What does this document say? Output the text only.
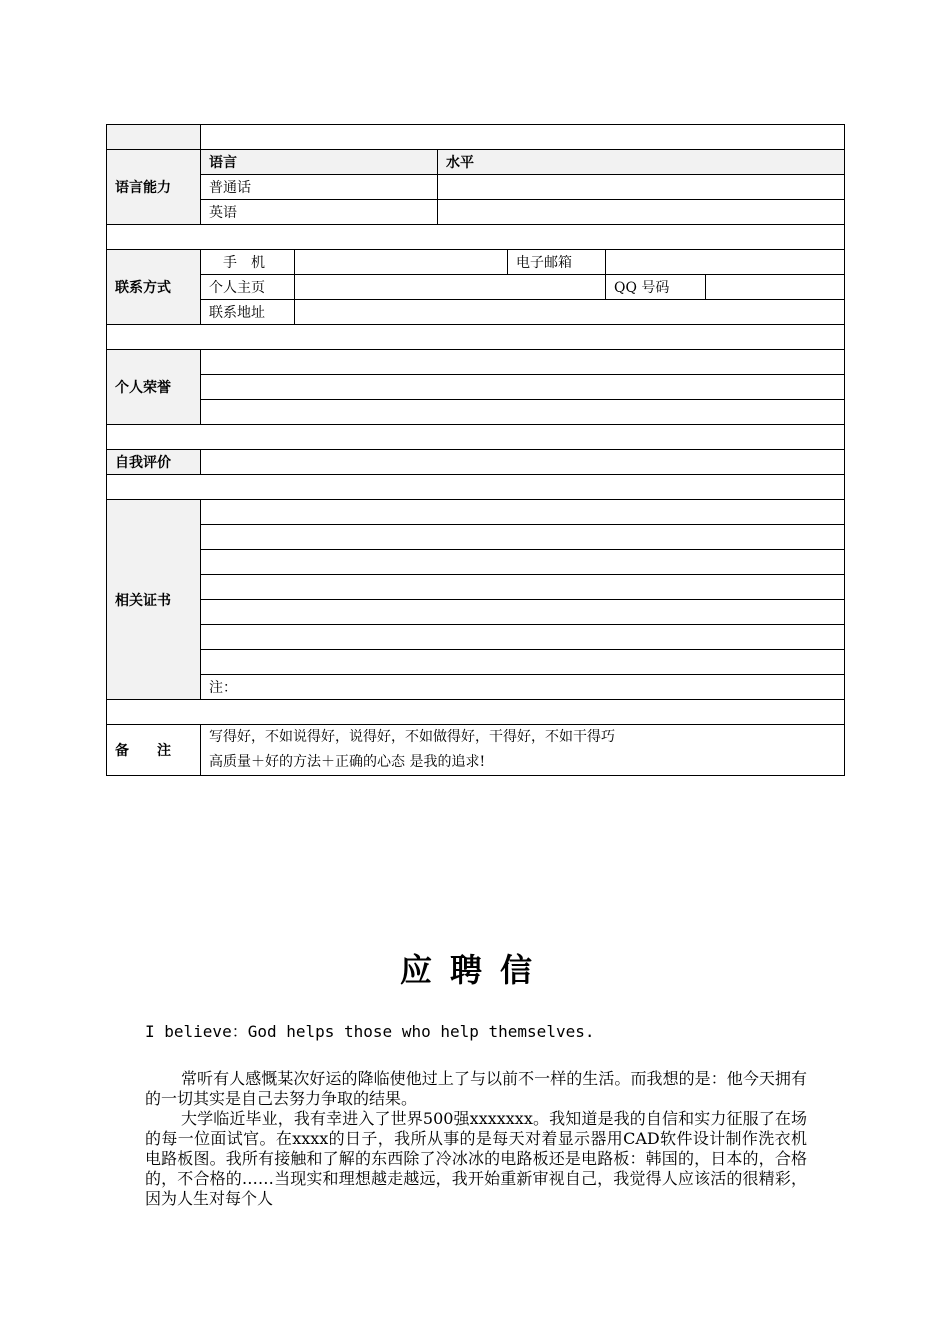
语言能力	语言		水平			
	普通话					
	英语					

联系方式	手　机			电子邮箱		
	个人主页				QQ 号码	
	联系地址					

个人荣誉						

自我评价						

相关证书						

	注：					

备　　注	写得好，不如说得好，说得好，不如做得好，干得好，不如干得巧
高质量＋好的方法＋正确的心态 是我的追求!					
应聘信
I believe：God helps those who help themselves.

常听有人感慨某次好运的降临使他过上了与以前不一样的生活。而我想的是：他今天拥有的一切其实是自己去努力争取的结果。

大学临近毕业，我有幸进入了世界500强xxxxxxx。我知道是我的自信和实力征服了在场的每一位面试官。在xxxx的日子，我所从事的是每天对着显示器用CAD软件设计制作洗衣机电路板图。我所有接触和了解的东西除了冷冰冰的电路板还是电路板：韩国的，日本的，合格的，不合格的……当现实和理想越走越远，我开始重新审视自己，我觉得人应该活的很精彩，因为人生对每个人
